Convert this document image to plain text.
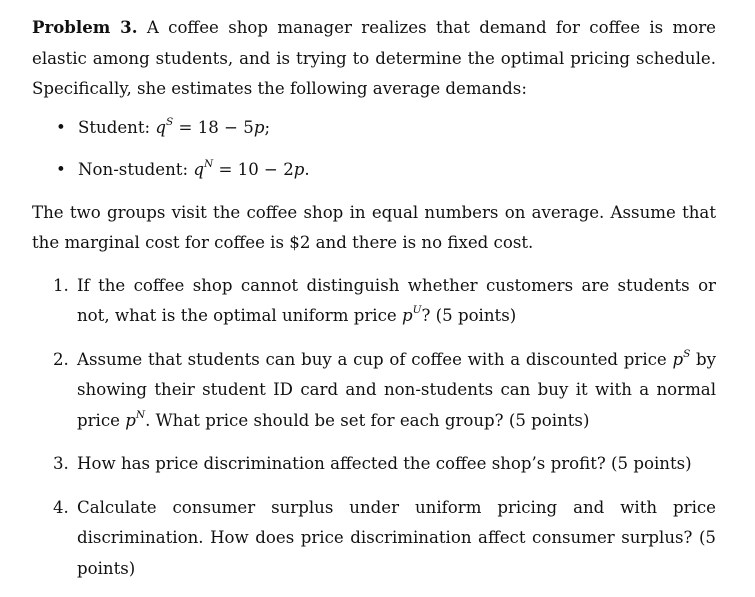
Problem 3. A coffee shop manager realizes that demand for coffee is more elastic among students, and is trying to determine the optimal pricing schedule. Specifically, she estimates the following average demands:

• Student: $q^S = 18 - 5p$;
• Non-student: $q^N = 10 - 2p$.

The two groups visit the coffee shop in equal numbers on average. Assume that the marginal cost for coffee is $2 and there is no fixed cost.

1. If the coffee shop cannot distinguish whether customers are students or not, what is the optimal uniform price $p^U$? (5 points)
2. Assume that students can buy a cup of coffee with a discounted price $p^S$ by showing their student ID card and non-students can buy it with a normal price $p^N$. What price should be set for each group? (5 points)
3. How has price discrimination affected the coffee shop’s profit? (5 points)
4. Calculate consumer surplus under uniform pricing and with price discrimination. How does price discrimination affect consumer surplus? (5 points)
